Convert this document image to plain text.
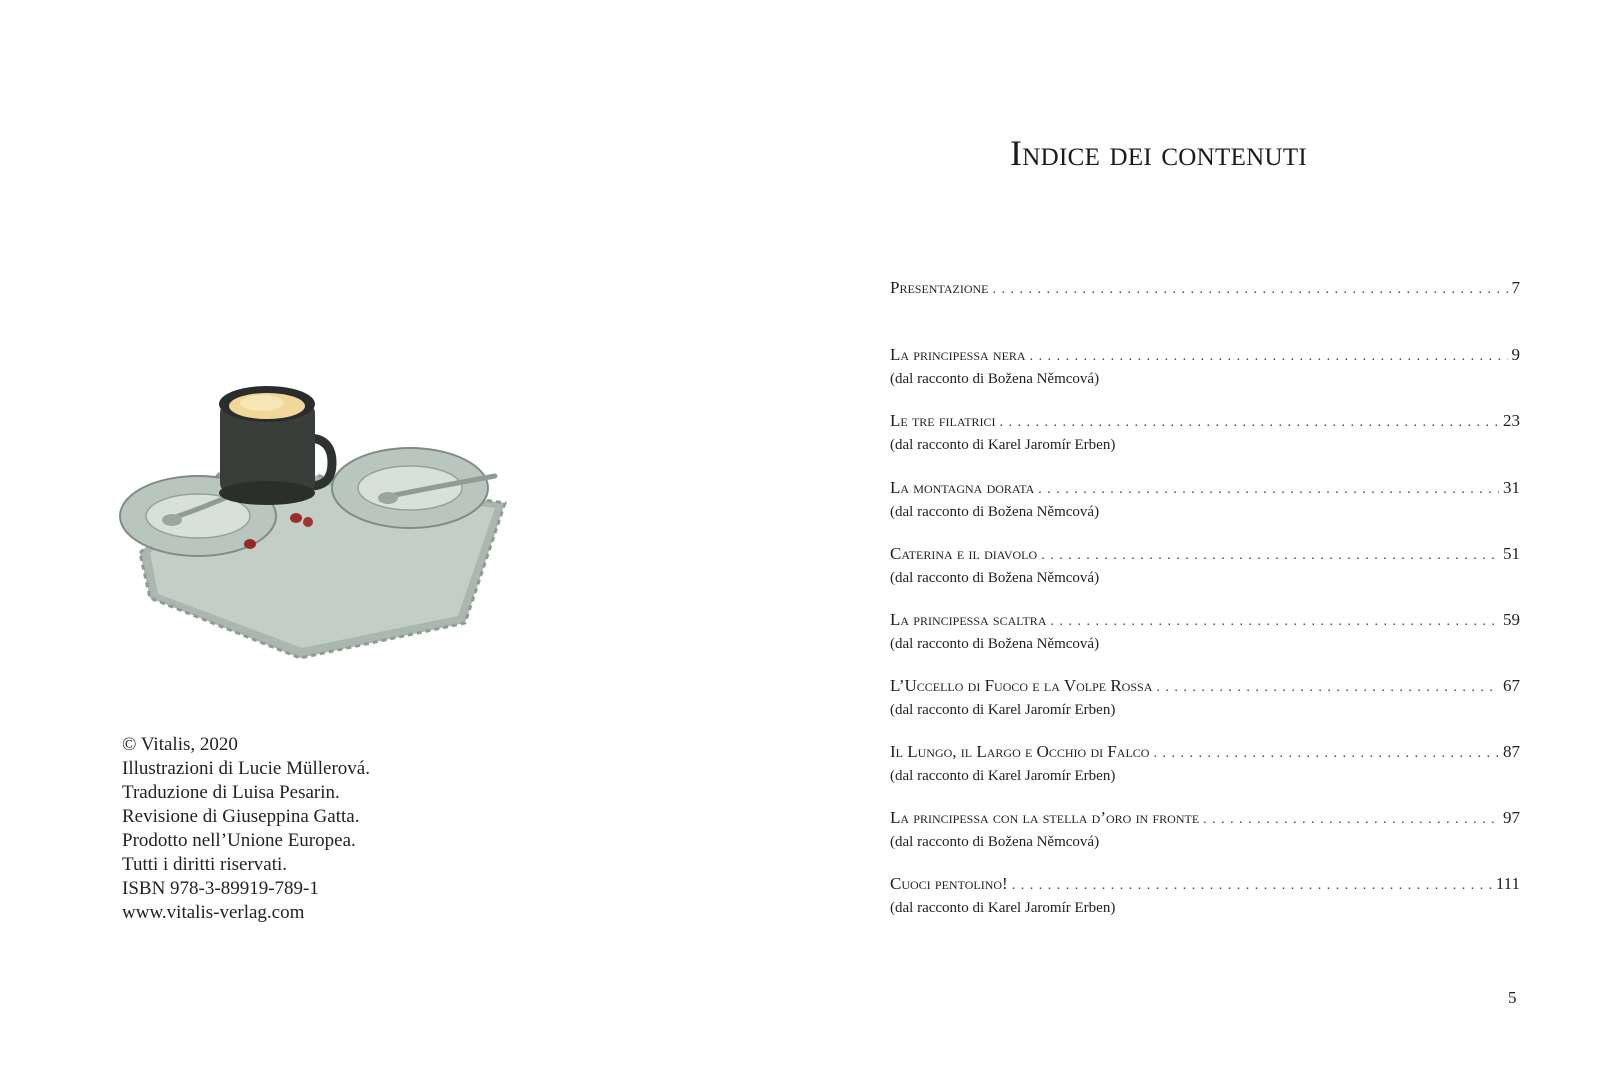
© Vitalis, 2020
Illustrazioni di Lucie Müllerová.
Traduzione di Luisa Pesarin.
Revisione di Giuseppina Gatta.
Prodotto nell’Unione Europea.
Tutti i diritti riservati.
ISBN 978-3-89919-789-1
www.vitalis-verlag.com
Indice dei contenuti
Presentazione . . .	7
La principessa nera . . .	9
(dal racconto di Božena Němcová)
Le tre filatrici . . .	23
(dal racconto di Karel Jaromír Erben)
La montagna dorata . . .	31
(dal racconto di Božena Němcová)
Caterina e il diavolo . . .	51
(dal racconto di Božena Němcová)
La principessa scaltra . . .	59
(dal racconto di Božena Němcová)
L’Uccello di Fuoco e la Volpe Rossa . . .	67
(dal racconto di Karel Jaromír Erben)
Il Lungo, il Largo e Occhio di Falco . . .	87
(dal racconto di Karel Jaromír Erben)
La principessa con la stella d’oro in fronte . . .	97
(dal racconto di Božena Němcová)
Cuoci pentolino! . . .	111
(dal racconto di Karel Jaromír Erben)
5
